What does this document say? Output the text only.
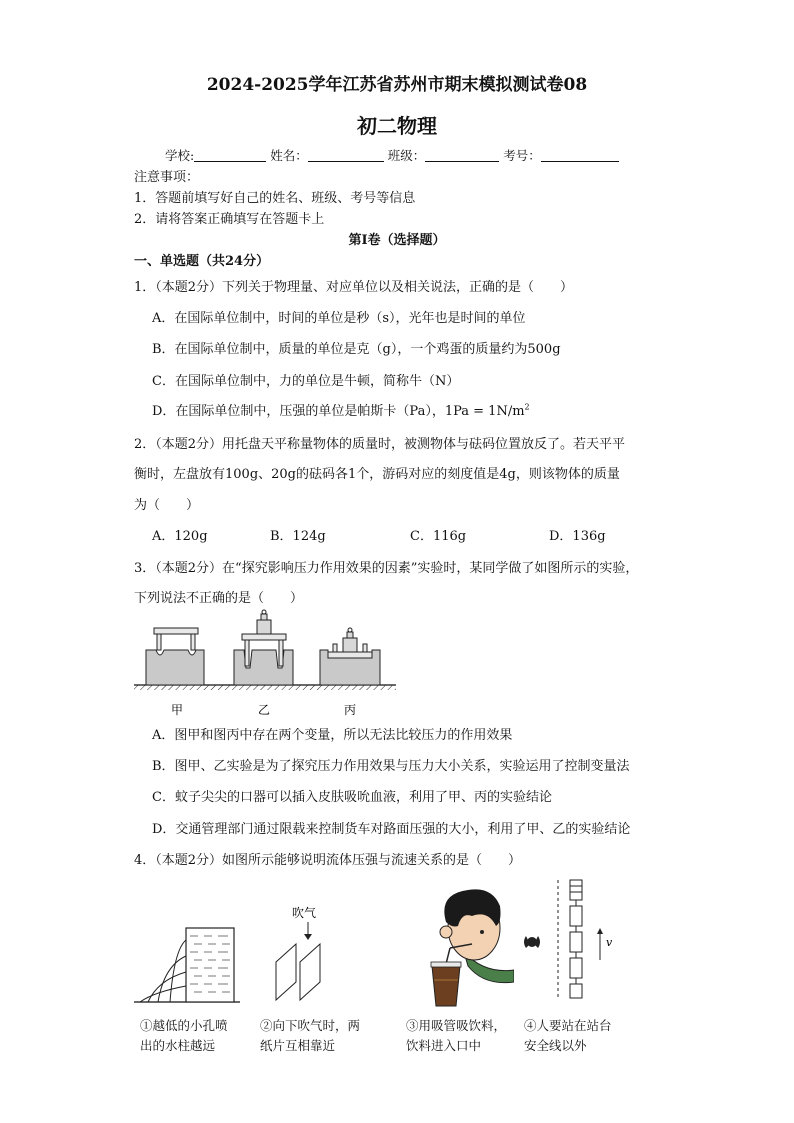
2024-2025学年江苏省苏州市期末模拟测试卷08
初二物理
学校:	姓名：	班级：	考号：
注意事项：
1．答题前填写好自己的姓名、班级、考号等信息
2．请将答案正确填写在答题卡上
第I卷（选择题）
一、单选题（共24分）
1．（本题2分）下列关于物理量、对应单位以及相关说法，正确的是（　　）
A．在国际单位制中，时间的单位是秒（s），光年也是时间的单位
B．在国际单位制中，质量的单位是克（g），一个鸡蛋的质量约为500g
C．在国际单位制中，力的单位是牛顿，简称牛（N）
D．在国际单位制中，压强的单位是帕斯卡（Pa），$1Pa = 1N/m^2$
2．（本题2分）用托盘天平称量物体的质量时，被测物体与砝码位置放反了。若天平平
衡时，左盘放有100g、20g的砝码各1个，游码对应的刻度值是4g，则该物体的质量
为（　　）
A．120g	B．124g	C．116g	D．136g
3．（本题2分）在“探究影响压力作用效果的因素”实验时，某同学做了如图所示的实验，
下列说法不正确的是（　　）
甲	乙	丙
A．图甲和图丙中存在两个变量，所以无法比较压力的作用效果
B．图甲、乙实验是为了探究压力作用效果与压力大小关系，实验运用了控制变量法
C．蚊子尖尖的口器可以插入皮肤吸吮血液，利用了甲、丙的实验结论
D．交通管理部门通过限载来控制货车对路面压强的大小，利用了甲、乙的实验结论
4．（本题2分）如图所示能够说明流体压强与流速关系的是（　　）
吹气
v
①越低的小孔喷
出的水柱越远
②向下吹气时，两
纸片互相靠近
③用吸管吸饮料，
饮料进入口中
④人要站在站台
安全线以外
